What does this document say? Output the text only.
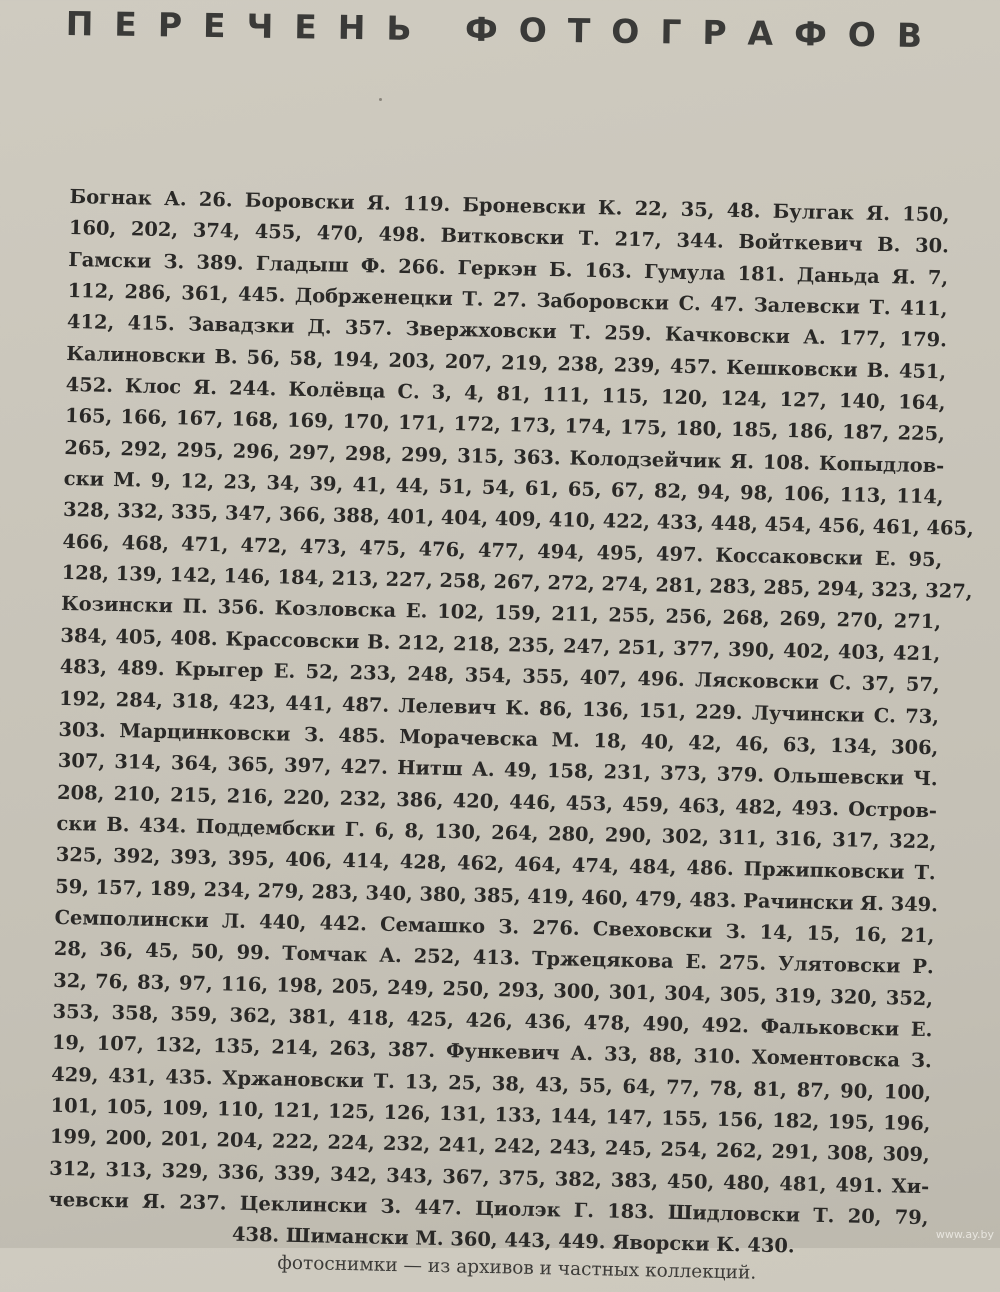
ПЕРЕЧЕНЬ ФОТОГРАФОВ
Богнак А. 26. Боровски Я. 119. Броневски К. 22, 35, 48. Булгак Я. 150,
160, 202, 374, 455, 470, 498. Витковски Т. 217, 344. Войткевич В. 30.
Гамски З. 389. Гладыш Ф. 266. Геркэн Б. 163. Гумула 181. Даньда Я. 7,
112, 286, 361, 445. Добрженецки Т. 27. Заборовски С. 47. Залевски Т. 411,
412, 415. Завадзки Д. 357. Звержховски Т. 259. Качковски А. 177, 179.
Калиновски В. 56, 58, 194, 203, 207, 219, 238, 239, 457. Кешковски В. 451,
452. Клос Я. 244. Колёвца С. 3, 4, 81, 111, 115, 120, 124, 127, 140, 164,
165, 166, 167, 168, 169, 170, 171, 172, 173, 174, 175, 180, 185, 186, 187, 225,
265, 292, 295, 296, 297, 298, 299, 315, 363. Колодзейчик Я. 108. Копыдлов-
ски М. 9, 12, 23, 34, 39, 41, 44, 51, 54, 61, 65, 67, 82, 94, 98, 106, 113, 114,
328, 332, 335, 347, 366, 388, 401, 404, 409, 410, 422, 433, 448, 454, 456, 461, 465,
466, 468, 471, 472, 473, 475, 476, 477, 494, 495, 497. Коссаковски Е. 95,
128, 139, 142, 146, 184, 213, 227, 258, 267, 272, 274, 281, 283, 285, 294, 323, 327,
Козински П. 356. Козловска Е. 102, 159, 211, 255, 256, 268, 269, 270, 271,
384, 405, 408. Крассовски В. 212, 218, 235, 247, 251, 377, 390, 402, 403, 421,
483, 489. Крыгер Е. 52, 233, 248, 354, 355, 407, 496. Лясковски С. 37, 57,
192, 284, 318, 423, 441, 487. Лелевич К. 86, 136, 151, 229. Лучински С. 73,
303. Марцинковски З. 485. Морачевска М. 18, 40, 42, 46, 63, 134, 306,
307, 314, 364, 365, 397, 427. Нитш А. 49, 158, 231, 373, 379. Ольшевски Ч.
208, 210, 215, 216, 220, 232, 386, 420, 446, 453, 459, 463, 482, 493. Остров-
ски В. 434. Поддембски Г. 6, 8, 130, 264, 280, 290, 302, 311, 316, 317, 322,
325, 392, 393, 395, 406, 414, 428, 462, 464, 474, 484, 486. Пржипковски Т.
59, 157, 189, 234, 279, 283, 340, 380, 385, 419, 460, 479, 483. Рачински Я. 349.
Семполински Л. 440, 442. Семашко З. 276. Свеховски З. 14, 15, 16, 21,
28, 36, 45, 50, 99. Томчак А. 252, 413. Тржецякова Е. 275. Улятовски Р.
32, 76, 83, 97, 116, 198, 205, 249, 250, 293, 300, 301, 304, 305, 319, 320, 352,
353, 358, 359, 362, 381, 418, 425, 426, 436, 478, 490, 492. Фальковски Е.
19, 107, 132, 135, 214, 263, 387. Функевич А. 33, 88, 310. Хоментовска З.
429, 431, 435. Хржановски Т. 13, 25, 38, 43, 55, 64, 77, 78, 81, 87, 90, 100,
101, 105, 109, 110, 121, 125, 126, 131, 133, 144, 147, 155, 156, 182, 195, 196,
199, 200, 201, 204, 222, 224, 232, 241, 242, 243, 245, 254, 262, 291, 308, 309,
312, 313, 329, 336, 339, 342, 343, 367, 375, 382, 383, 450, 480, 481, 491. Хи-
чевски Я. 237. Цеклински З. 447. Циолэк Г. 183. Шидловски Т. 20, 79,
438. Шимански М. 360, 443, 449. Яворски К. 430.
фотоснимки — из архивов и частных коллекций.
www.ay.by
